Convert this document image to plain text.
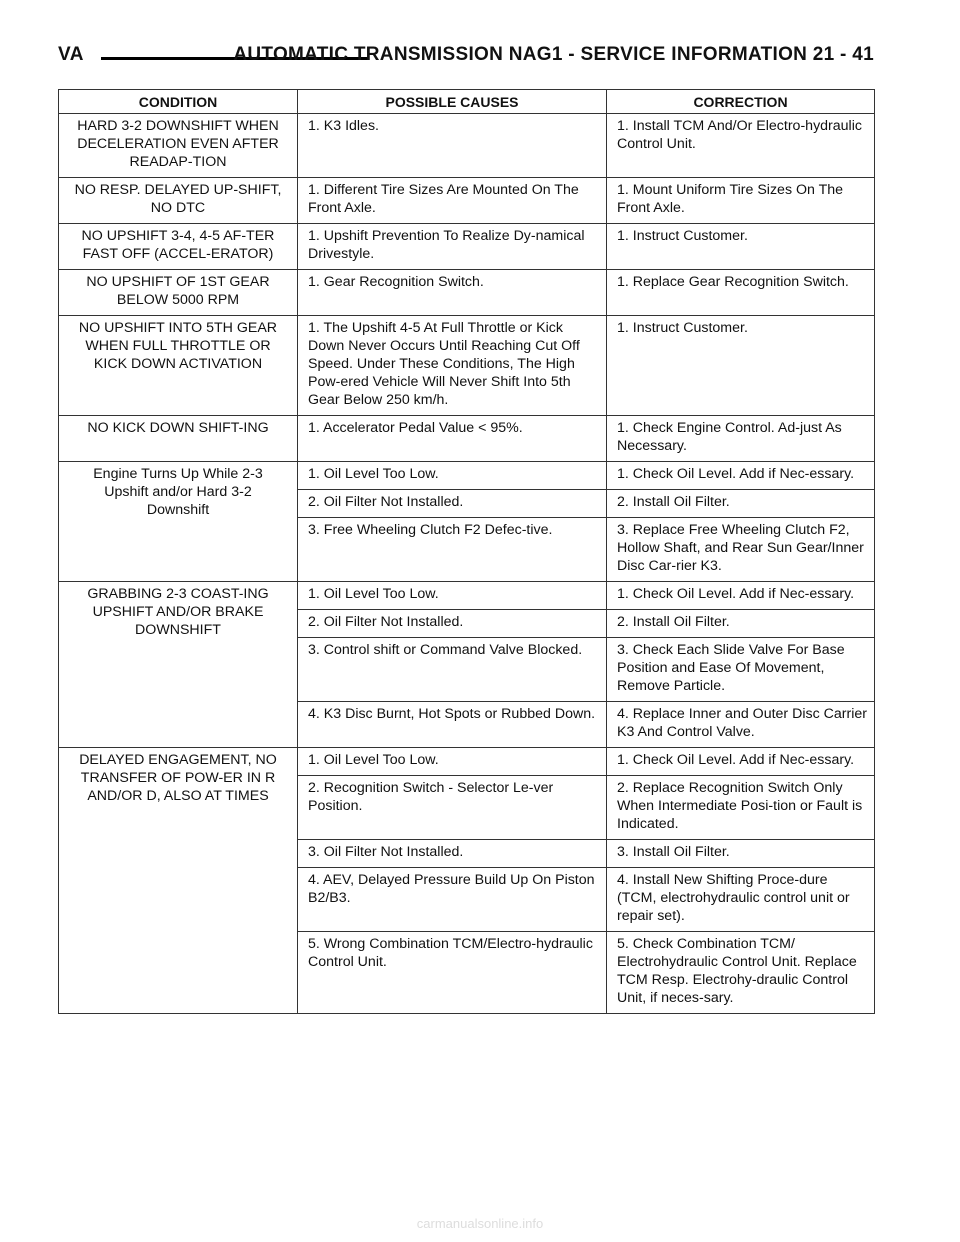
VA	AUTOMATIC TRANSMISSION NAG1 - SERVICE INFORMATION 21 - 41
CONDITION	POSSIBLE CAUSES	CORRECTION
HARD 3-2 DOWNSHIFT WHEN DECELERATION EVEN AFTER READAP-TION	1. K3 Idles.	1. Install TCM And/Or Electro-hydraulic Control Unit.
NO RESP. DELAYED UP-SHIFT, NO DTC	1. Different Tire Sizes Are Mounted On The Front Axle.	1. Mount Uniform Tire Sizes On The Front Axle.
NO UPSHIFT 3-4, 4-5 AF-TER FAST OFF (ACCEL-ERATOR)	1. Upshift Prevention To Realize Dy-namical Drivestyle.	1. Instruct Customer.
NO UPSHIFT OF 1ST GEAR BELOW 5000 RPM	1. Gear Recognition Switch.	1. Replace Gear Recognition Switch.
NO UPSHIFT INTO 5TH GEAR WHEN FULL THROTTLE OR KICK DOWN ACTIVATION	1. The Upshift 4-5 At Full Throttle or Kick Down Never Occurs Until Reaching Cut Off Speed. Under These Conditions, The High Pow-ered Vehicle Will Never Shift Into 5th Gear Below 250 km/h.	1. Instruct Customer.
NO KICK DOWN SHIFT-ING	1. Accelerator Pedal Value < 95%.	1. Check Engine Control. Ad-just As Necessary.
Engine Turns Up While 2-3 Upshift and/or Hard 3-2 Downshift	1. Oil Level Too Low.	1. Check Oil Level. Add if Nec-essary.
	2. Oil Filter Not Installed.	2. Install Oil Filter.
	3. Free Wheeling Clutch F2 Defec-tive.	3. Replace Free Wheeling Clutch F2, Hollow Shaft, and Rear Sun Gear/Inner Disc Car-rier K3.
GRABBING 2-3 COAST-ING UPSHIFT AND/OR BRAKE DOWNSHIFT	1. Oil Level Too Low.	1. Check Oil Level. Add if Nec-essary.
	2. Oil Filter Not Installed.	2. Install Oil Filter.
	3. Control shift or Command Valve Blocked.	3. Check Each Slide Valve For Base Position and Ease Of Movement, Remove Particle.
	4. K3 Disc Burnt, Hot Spots or Rubbed Down.	4. Replace Inner and Outer Disc Carrier K3 And Control Valve.
DELAYED ENGAGEMENT, NO TRANSFER OF POW-ER IN R AND/OR D, ALSO AT TIMES	1. Oil Level Too Low.	1. Check Oil Level. Add if Nec-essary.
	2. Recognition Switch - Selector Le-ver Position.	2. Replace Recognition Switch Only When Intermediate Posi-tion or Fault is Indicated.
	3. Oil Filter Not Installed.	3. Install Oil Filter.
	4. AEV, Delayed Pressure Build Up On Piston B2/B3.	4. Install New Shifting Proce-dure (TCM, electrohydraulic control unit or repair set).
	5. Wrong Combination TCM/Electro-hydraulic Control Unit.	5. Check Combination TCM/ Electrohydraulic Control Unit. Replace TCM Resp. Electrohy-draulic Control Unit, if neces-sary.
carmanualsonline.info
